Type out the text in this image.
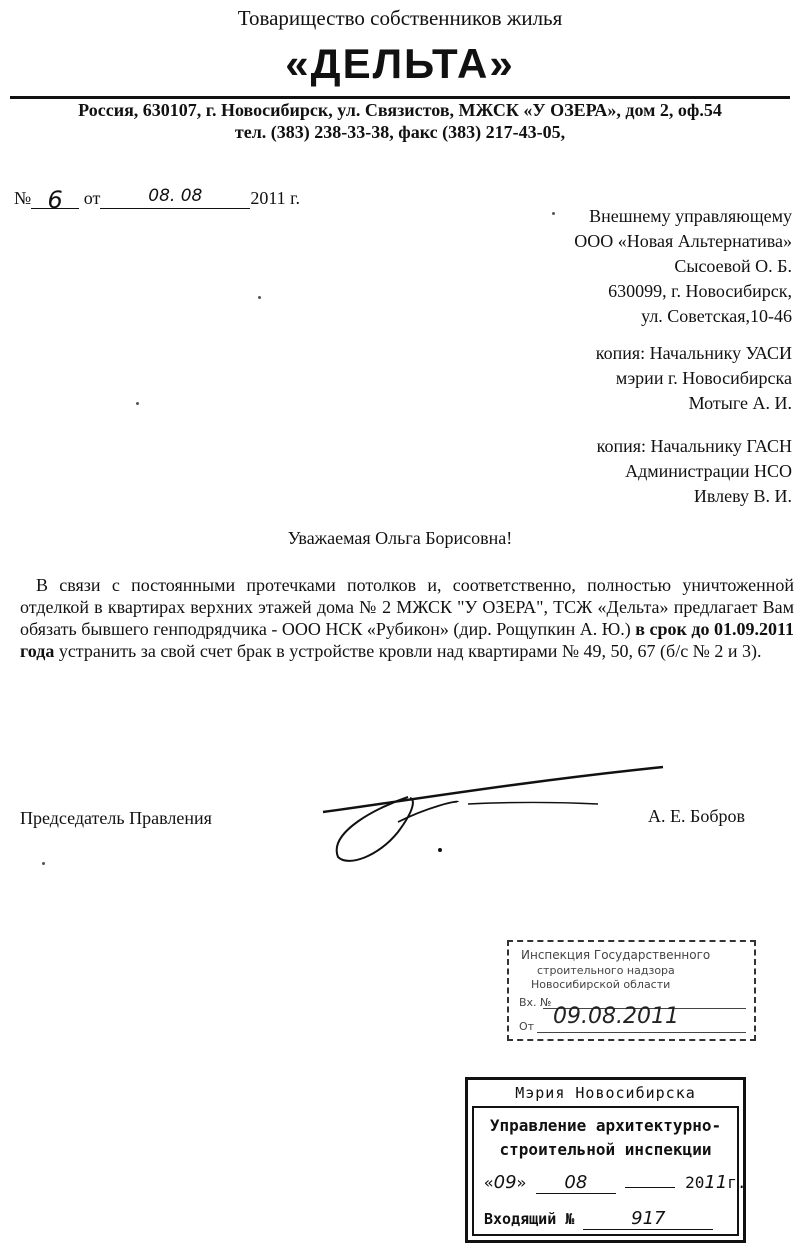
Товарищество собственников жилья
«ДЕЛЬТА»
Россия, 630107, г. Новосибирск, ул. Связистов, МЖСК «У ОЗЕРА», дом 2, оф.54
тел. (383) 238-33-38, факс (383) 217-43-05,
№ 6 от	08. 08	2011 г.
Внешнему управляющему
ООО «Новая Альтернатива»
Сысоевой О. Б.
630099, г. Новосибирск,
ул. Советская,10-46
копия: Начальнику УАСИ
мэрии г. Новосибирска
Мотыге А. И.
копия: Начальнику ГАСН
Администрации НСО
Ивлеву В. И.
Уважаемая Ольга Борисовна!
В связи с постоянными протечками потолков и, соответственно, полностью уничтоженной отделкой в квартирах верхних этажей дома № 2 МЖСК "У ОЗЕРА", ТСЖ «Дельта» предлагает Вам обязать бывшего генподрядчика - ООО НСК «Рубикон» (дир. Рощупкин А. Ю.) в срок до 01.09.2011 года устранить за свой счет брак в устройстве кровли над квартирами № 49, 50, 67 (б/с № 2 и 3).
Председатель Правления	А. Е. Бобров
Инспекция Государственного
строительного надзора
Новосибирской области
Вх. №
От 09.08.2011
Мэрия Новосибирска
Управление архитектурно-
строительной инспекции
«09» 08	2011г.
Входящий №	917
